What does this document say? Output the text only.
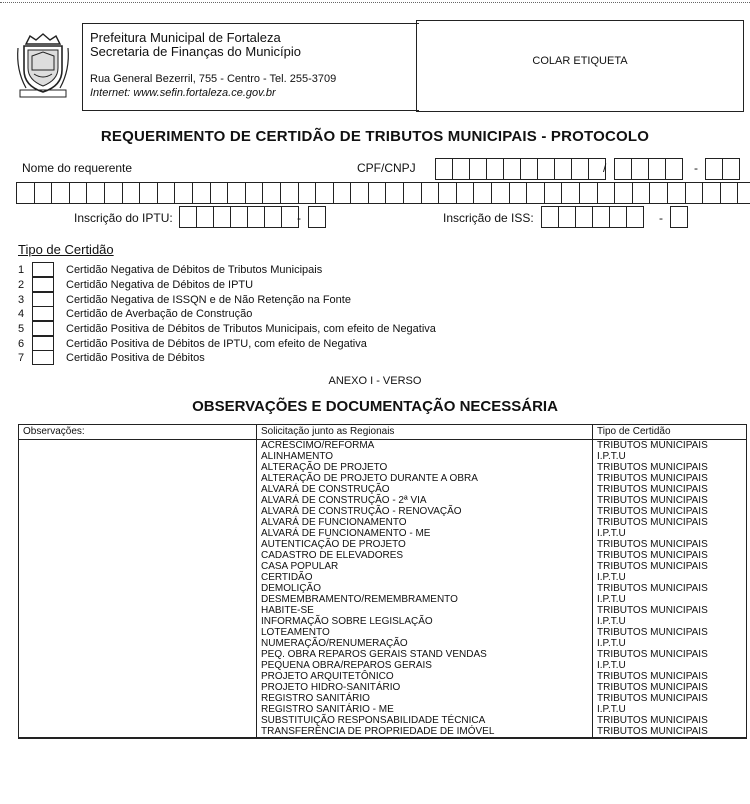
Prefeitura Municipal de Fortaleza
Secretaria de Finanças do Município
Rua General Bezerril, 755 - Centro - Tel. 255-3709
Internet: www.sefin.fortaleza.ce.gov.br
COLAR ETIQUETA
REQUERIMENTO DE CERTIDÃO DE TRIBUTOS MUNICIPAIS - PROTOCOLO
Nome do requerente	CPF/CNPJ	/	-
Inscrição do IPTU:	-	Inscrição de ISS:	-
Tipo de Certidão
1	Certidão Negativa de Débitos de Tributos Municipais
2	Certidão Negativa de Débitos de IPTU
3	Certidão Negativa de ISSQN e de Não Retenção na Fonte
4	Certidão de Averbação de Construção
5	Certidão Positiva de Débitos de Tributos Municipais, com efeito de Negativa
6	Certidão Positiva de Débitos de IPTU, com efeito de Negativa
7	Certidão Positiva de Débitos
ANEXO I - VERSO
OBSERVAÇÕES E DOCUMENTAÇÃO NECESSÁRIA
Observações:	Solicitação junto as Regionais	Tipo de Certidão
	ACRÉSCIMO/REFORMA	TRIBUTOS MUNICIPAIS
	ALINHAMENTO	I.P.T.U
	ALTERAÇÃO DE PROJETO	TRIBUTOS MUNICIPAIS
	ALTERAÇÃO DE PROJETO DURANTE A OBRA	TRIBUTOS MUNICIPAIS
	ALVARÁ DE CONSTRUÇÃO	TRIBUTOS MUNICIPAIS
	ALVARÁ DE CONSTRUÇÃO - 2ª VIA	TRIBUTOS MUNICIPAIS
	ALVARÁ DE CONSTRUÇÃO - RENOVAÇÃO	TRIBUTOS MUNICIPAIS
	ALVARÁ DE FUNCIONAMENTO	TRIBUTOS MUNICIPAIS
	ALVARÁ DE FUNCIONAMENTO - ME	I.P.T.U
	AUTENTICAÇÃO DE PROJETO	TRIBUTOS MUNICIPAIS
	CADASTRO DE ELEVADORES	TRIBUTOS MUNICIPAIS
	CASA POPULAR	TRIBUTOS MUNICIPAIS
	CERTIDÃO	I.P.T.U
	DEMOLIÇÃO	TRIBUTOS MUNICIPAIS
	DESMEMBRAMENTO/REMEMBRAMENTO	I.P.T.U
	HABITE-SE	TRIBUTOS MUNICIPAIS
	INFORMAÇÃO SOBRE LEGISLAÇÃO	I.P.T.U
	LOTEAMENTO	TRIBUTOS MUNICIPAIS
	NUMERAÇÃO/RENUMERAÇÃO	I.P.T.U
	PEQ. OBRA REPAROS GERAIS STAND VENDAS	TRIBUTOS MUNICIPAIS
	PEQUENA OBRA/REPAROS GERAIS	I.P.T.U
	PROJETO ARQUITETÔNICO	TRIBUTOS MUNICIPAIS
	PROJETO HIDRO-SANITÁRIO	TRIBUTOS MUNICIPAIS
	REGISTRO SANITÁRIO	TRIBUTOS MUNICIPAIS
	REGISTRO SANITÁRIO - ME	I.P.T.U
	SUBSTITUIÇÃO RESPONSABILIDADE TÉCNICA	TRIBUTOS MUNICIPAIS
	TRANSFERÊNCIA DE PROPRIEDADE DE IMÓVEL	TRIBUTOS MUNICIPAIS
